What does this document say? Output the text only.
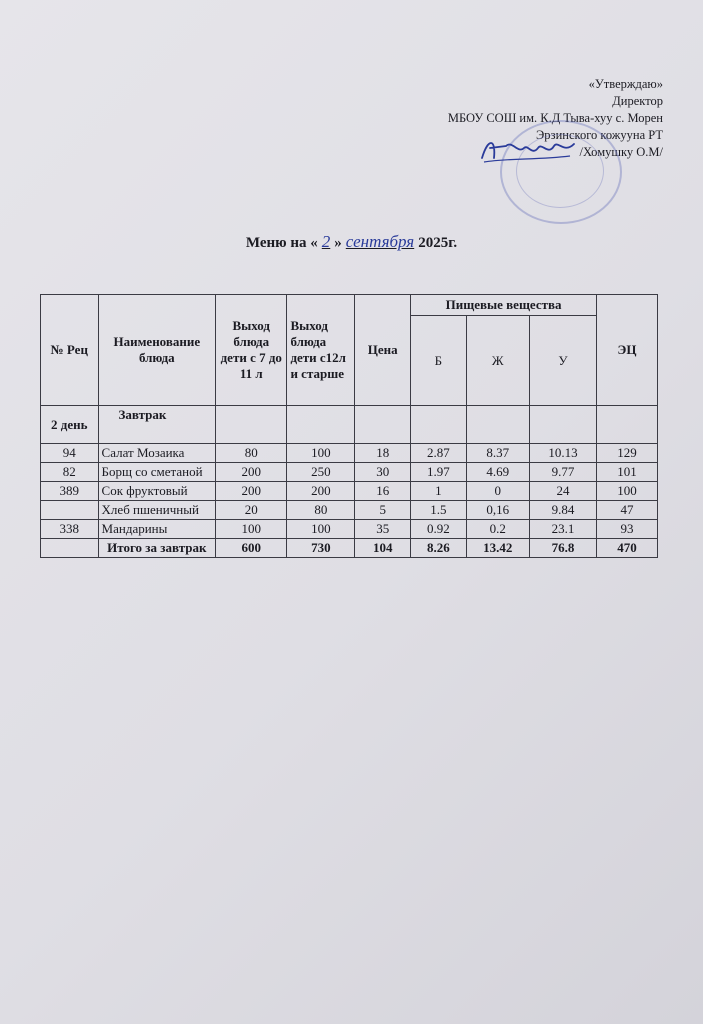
«Утверждаю»
Директор
МБОУ СОШ им. К.Д Тыва-хуу с. Морен
Эрзинского кожууна РТ
/Хомушку О.М/
Меню на « 2 » сентября 2025г.
№ Рец	Наименование блюда	Выход блюда дети с 7 до 11 л	Выход блюда дети с12л и старше	Цена	Пищевые вещества			ЭЦ
					Б	Ж	У	
2 день	Завтрак							
94	Салат Мозаика	80	100	18	2.87	8.37	10.13	129
82	Борщ со сметаной	200	250	30	1.97	4.69	9.77	101
389	Сок фруктовый	200	200	16	1	0	24	100
	Хлеб пшеничный	20	80	5	1.5	0,16	9.84	47
338	Мандарины	100	100	35	0.92	0.2	23.1	93
	Итого за завтрак	600	730	104	8.26	13.42	76.8	470
